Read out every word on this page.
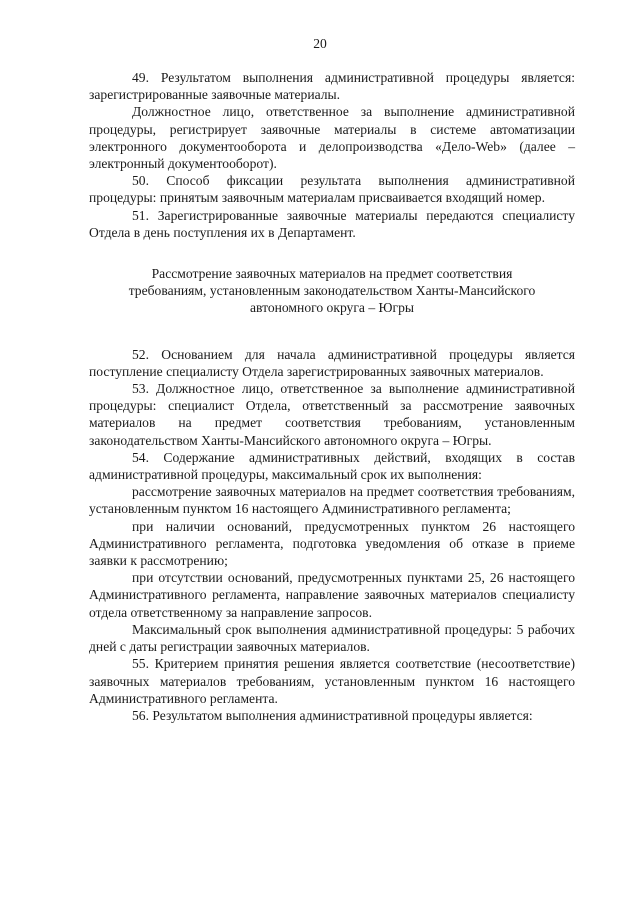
20

49. Результатом выполнения административной процедуры является: зарегистрированные заявочные материалы.

Должностное лицо, ответственное за выполнение административной процедуры, регистрирует заявочные материалы в системе автоматизации электронного документооборота и делопроизводства «Дело-Web» (далее – электронный документооборот).

50. Способ фиксации результата выполнения административной процедуры: принятым заявочным материалам присваивается входящий номер.

51. Зарегистрированные заявочные материалы передаются специалисту Отдела в день поступления их в Департамент.

Рассмотрение заявочных материалов на предмет соответствия
требованиям, установленным законодательством Ханты-Мансийского
автономного округа – Югры

52. Основанием для начала административной процедуры является поступление специалисту Отдела зарегистрированных заявочных материалов.

53. Должностное лицо, ответственное за выполнение административной процедуры: специалист Отдела, ответственный за рассмотрение заявочных материалов на предмет соответствия требованиям, установленным законодательством Ханты-Мансийского автономного округа – Югры.

54. Содержание административных действий, входящих в состав административной процедуры, максимальный срок их выполнения:

рассмотрение заявочных материалов на предмет соответствия требованиям, установленным пунктом 16 настоящего Административного регламента;

при наличии оснований, предусмотренных пунктом 26 настоящего Административного регламента, подготовка уведомления об отказе в приеме заявки к рассмотрению;

при отсутствии оснований, предусмотренных пунктами 25, 26 настоящего Административного регламента, направление заявочных материалов специалисту отдела ответственному за направление запросов.

Максимальный срок выполнения административной процедуры: 5 рабочих дней с даты регистрации заявочных материалов.

55. Критерием принятия решения является соответствие (несоответствие) заявочных материалов требованиям, установленным пунктом 16 настоящего Административного регламента.

56. Результатом выполнения административной процедуры является:
